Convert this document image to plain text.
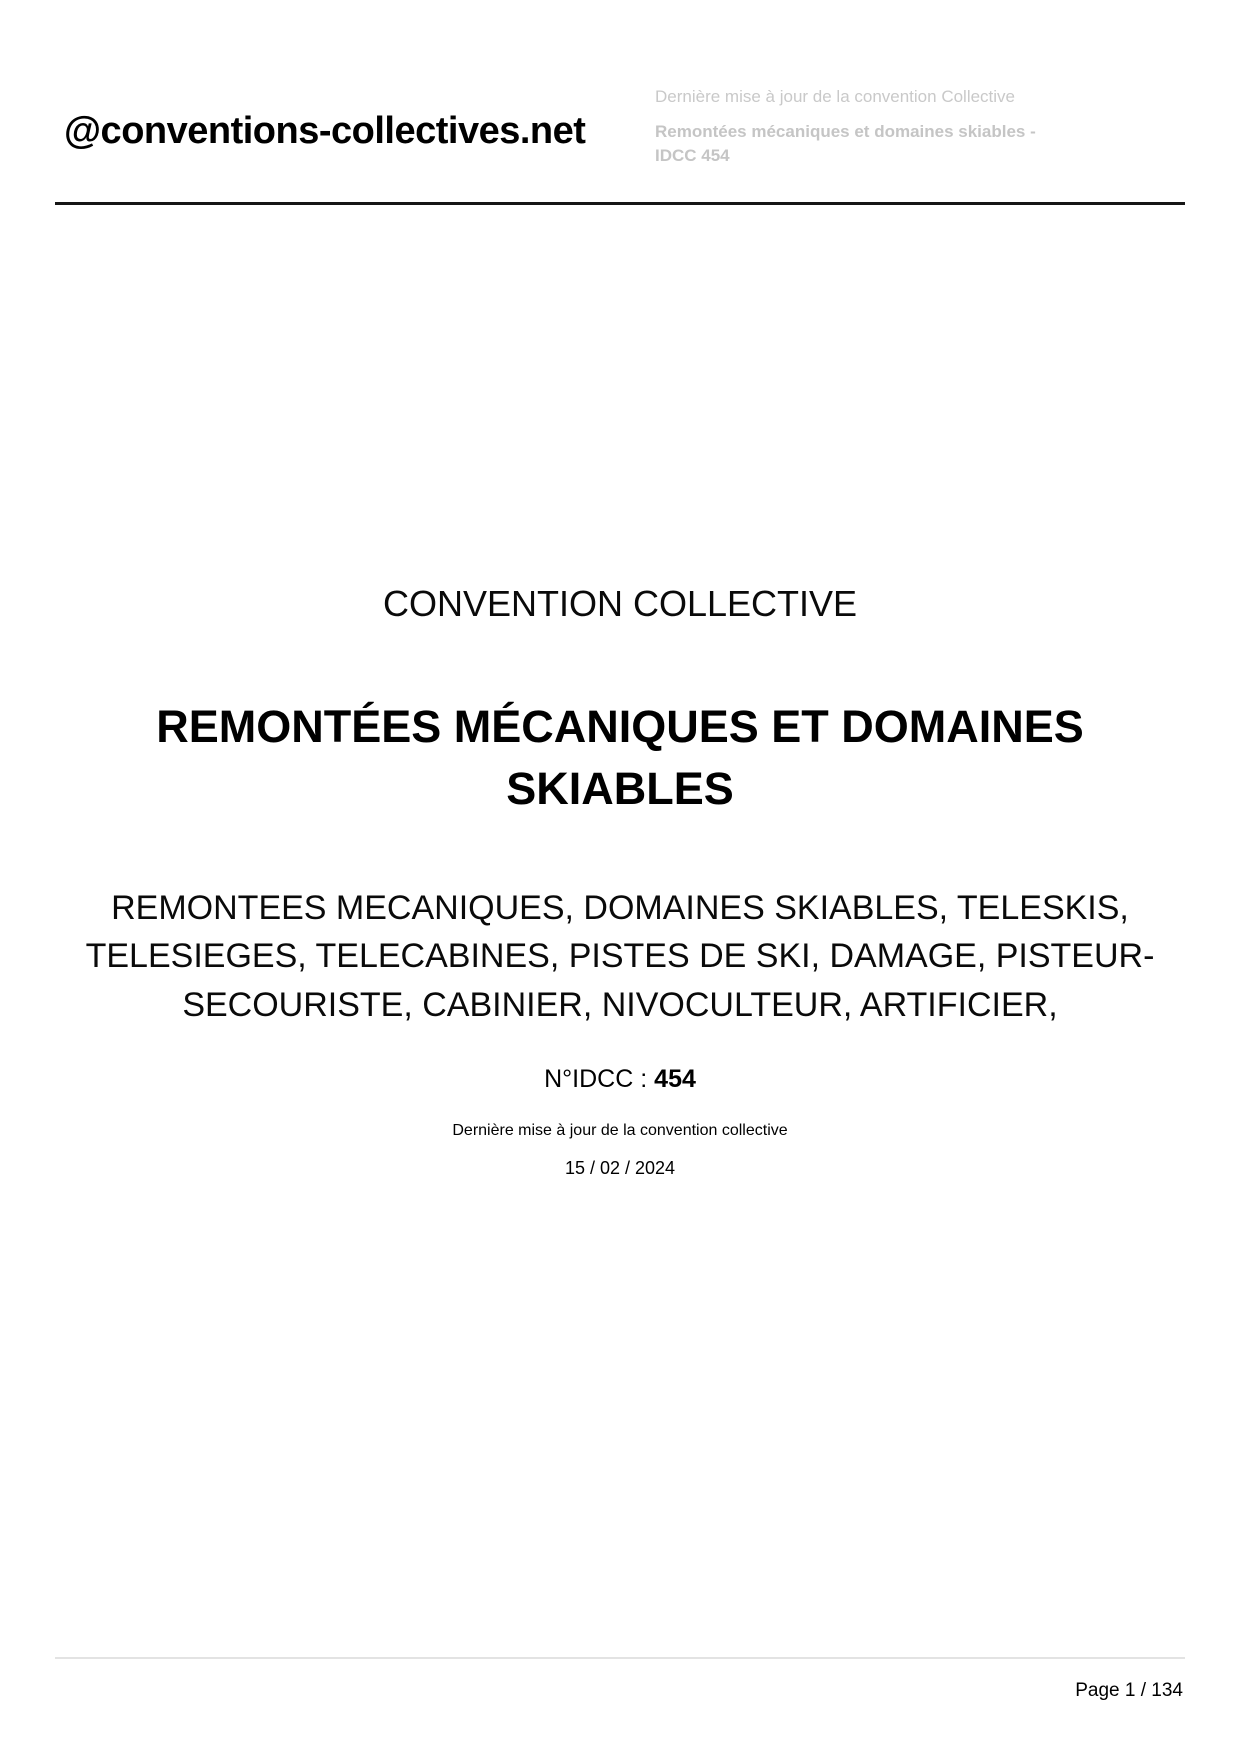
@conventions-collectives.net
Dernière mise à jour de la convention Collective
Remontées mécaniques et domaines skiables -
IDCC 454
CONVENTION COLLECTIVE
REMONTÉES MÉCANIQUES ET DOMAINES
SKIABLES
REMONTEES MECANIQUES, DOMAINES SKIABLES, TELESKIS,
TELESIEGES, TELECABINES, PISTES DE SKI, DAMAGE, PISTEUR-
SECOURISTE, CABINIER, NIVOCULTEUR, ARTIFICIER,
N°IDCC : 454
Dernière mise à jour de la convention collective
15 / 02 / 2024
Page 1 / 134
